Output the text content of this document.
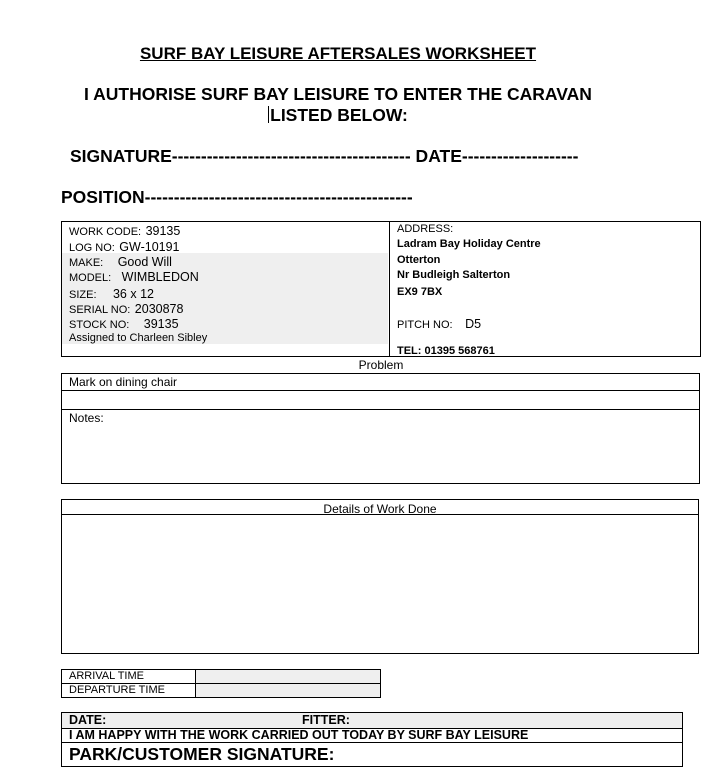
SURF BAY LEISURE AFTERSALES WORKSHEET
I AUTHORISE SURF BAY LEISURE TO ENTER THE CARAVAN
LISTED BELOW:
SIGNATURE----------------------------------------- DATE--------------------
POSITION----------------------------------------------
WORK CODE: 39135
LOG NO: GW-10191
MAKE: Good Will
MODEL: WIMBLEDON
SIZE: 36 x 12
SERIAL NO: 2030878
STOCK NO: 39135
Assigned to Charleen Sibley
ADDRESS:
Ladram Bay Holiday Centre
Otterton
Nr Budleigh Salterton
EX9 7BX
PITCH NO: D5
TEL: 01395 568761
Problem
Mark on dining chair
Notes:
Details of Work Done
ARRIVAL TIME
DEPARTURE TIME
DATE:	FITTER:
I AM HAPPY WITH THE WORK CARRIED OUT TODAY BY SURF BAY LEISURE
PARK/CUSTOMER SIGNATURE:
